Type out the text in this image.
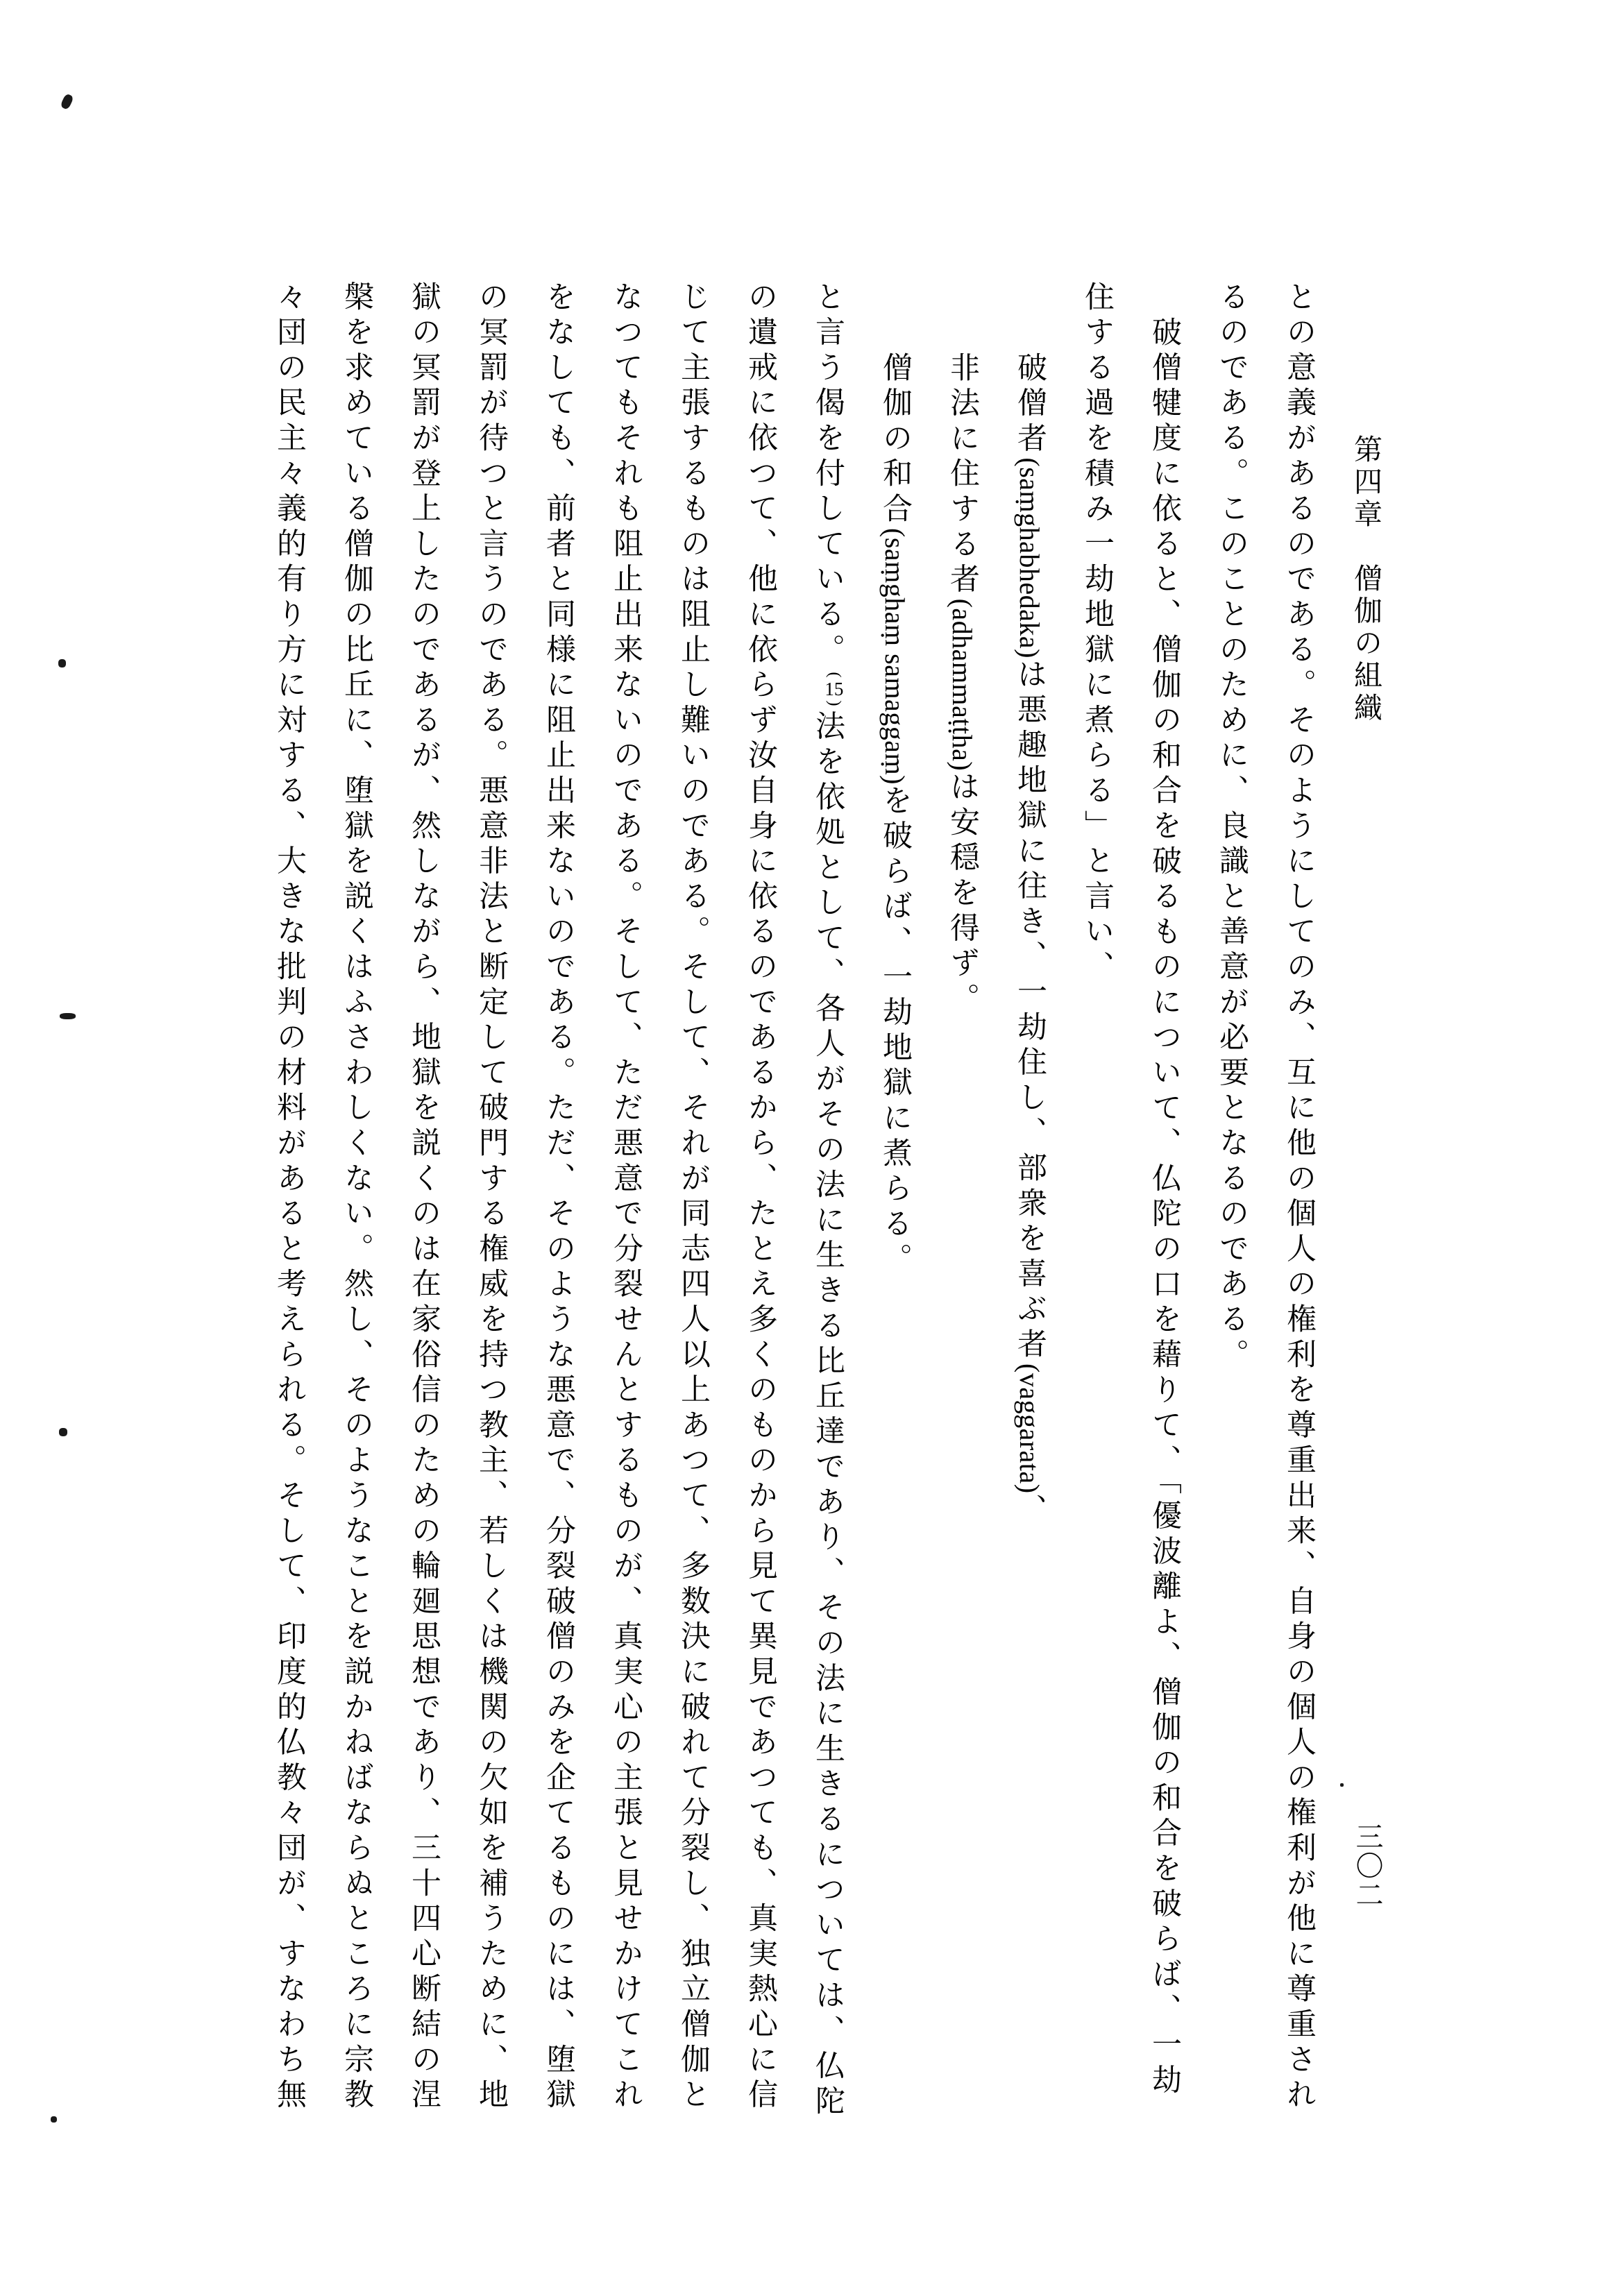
第四章　僧伽の組織
三〇二
との意義があるのである。そのようにしてのみ、互に他の個人の権利を尊重出来、自身の個人の権利が他に尊重され
るのである。このことのために、良識と善意が必要となるのである。
破僧犍度に依ると、僧伽の和合を破るものについて、仏陀の口を藉りて、「優波離よ、僧伽の和合を破らば、一劫
住する過を積み一劫地獄に煮らる」と言い、
破僧者(saṃghabhedaka)は悪趣地獄に往き、一劫住し、部衆を喜ぶ者(vaggarata)、
非法に住する者(adhammaṭṭha)は安穏を得ず。
僧伽の和合(saṃghaṃ samaggaṃ)を破らば、一劫地獄に煮らる。
と言う偈を付している。
(
15
)
法を依処として、各人がその法に生きる比丘達であり、その法に生きるについては、仏陀
の遺戒に依つて、他に依らず汝自身に依るのであるから、たとえ多くのものから見て異見であつても、真実熱心に信
じて主張するものは阻止し難いのである。そして、それが同志四人以上あつて、多数決に破れて分裂し、独立僧伽と
なつてもそれも阻止出来ないのである。そして、ただ悪意で分裂せんとするものが、真実心の主張と見せかけてこれ
をなしても、前者と同様に阻止出来ないのである。ただ、そのような悪意で、分裂破僧のみを企てるものには、堕獄
の冥罰が待つと言うのである。悪意非法と断定して破門する権威を持つ教主、若しくは機関の欠如を補うために、地
獄の冥罰が登上したのであるが、然しながら、地獄を説くのは在家俗信のための輪廻思想であり、三十四心断結の涅
槃を求めている僧伽の比丘に、堕獄を説くはふさわしくない。然し、そのようなことを説かねばならぬところに宗教
々団の民主々義的有り方に対する、大きな批判の材料があると考えられる。そして、印度的仏教々団が、すなわち無
